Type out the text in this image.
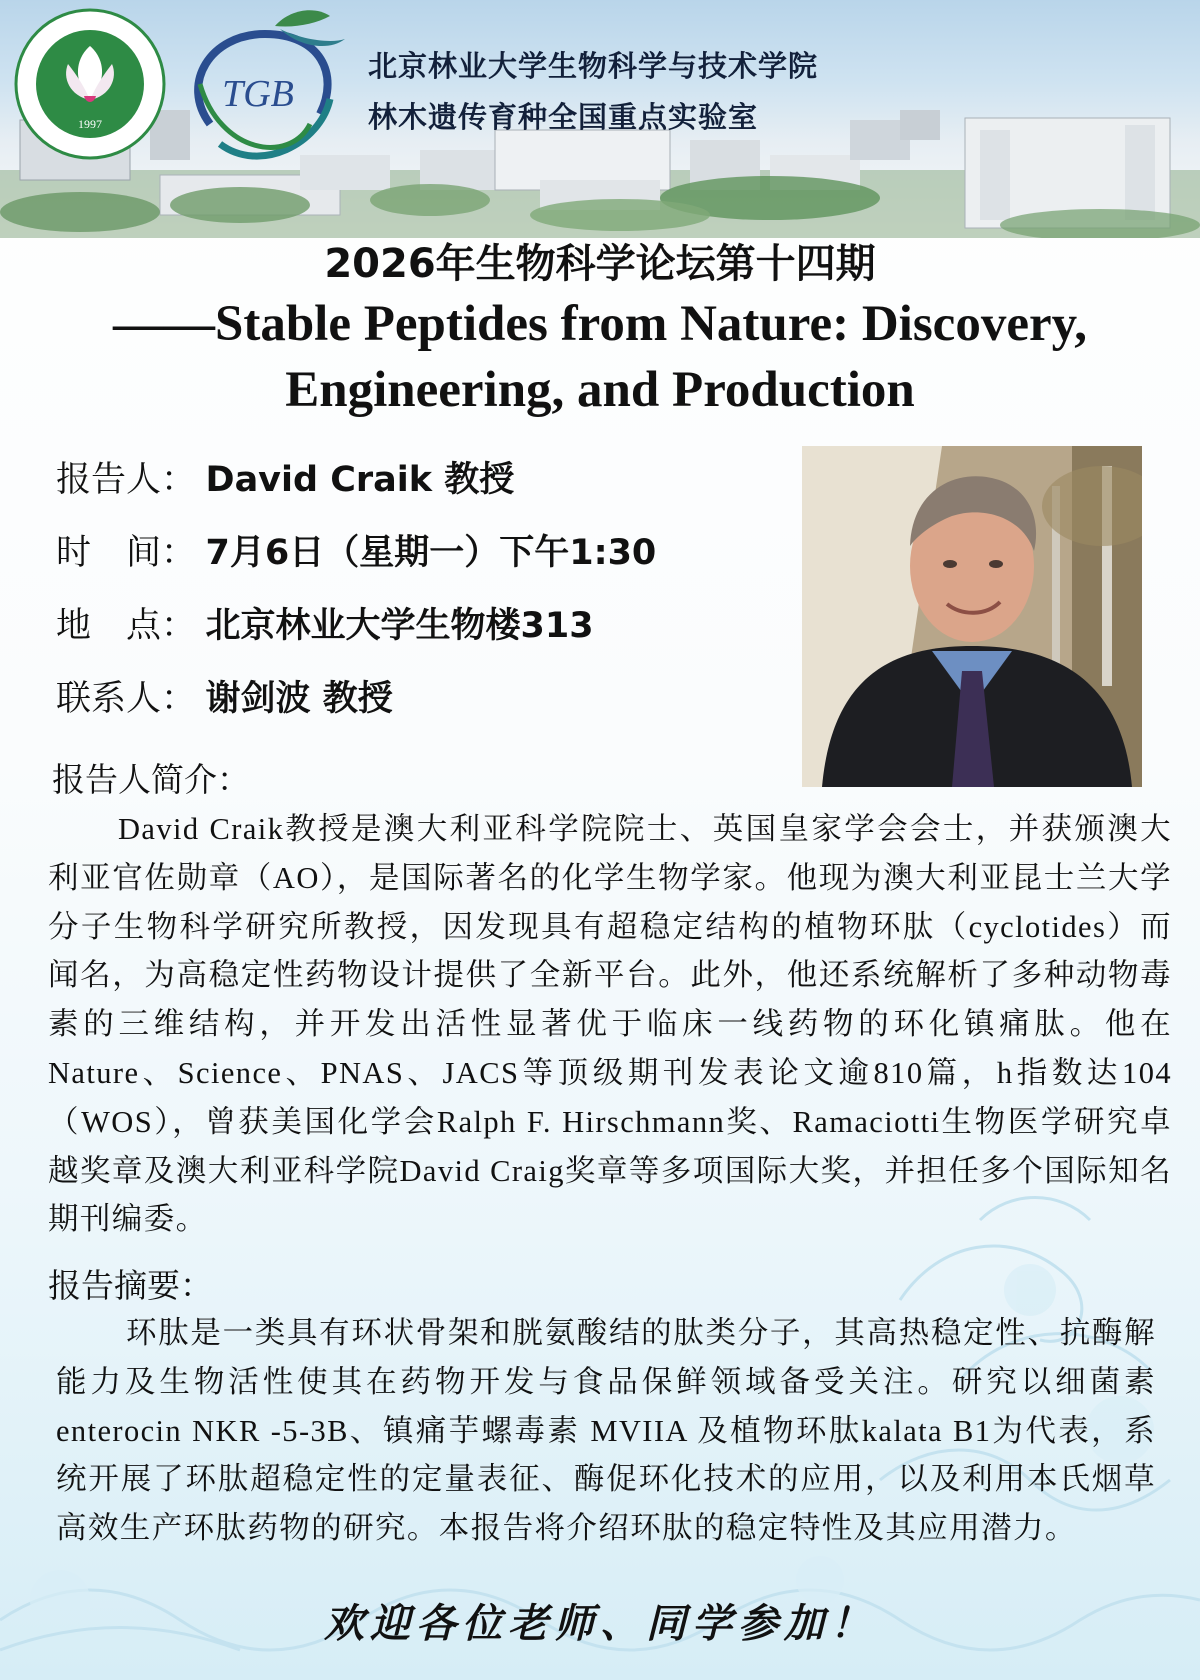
1997
TGB
北京林业大学生物科学与技术学院
林木遗传育种全国重点实验室
2026年生物科学论坛第十四期
——Stable Peptides from Nature: Discovery,
Engineering, and Production
报告人： David Craik 教授
时　间： 7月6日（星期一）下午1:30
地　点： 北京林业大学生物楼313
联系人： 谢剑波 教授
报告人简介：

David Craik教授是澳大利亚科学院院士、英国皇家学会会士，并获颁澳大利亚官佐勋章（AO），是国际著名的化学生物学家。他现为澳大利亚昆士兰大学分子生物科学研究所教授，因发现具有超稳定结构的植物环肽（cyclotides）而闻名，为高稳定性药物设计提供了全新平台。此外，他还系统解析了多种动物毒素的三维结构，并开发出活性显著优于临床一线药物的环化镇痛肽。他在Nature、Science、PNAS、JACS等顶级期刊发表论文逾810篇，h指数达104（WOS），曾获美国化学会Ralph F. Hirschmann奖、Ramaciotti生物医学研究卓越奖章及澳大利亚科学院David Craig奖章等多项国际大奖，并担任多个国际知名期刊编委。

报告摘要：

环肽是一类具有环状骨架和胱氨酸结的肽类分子，其高热稳定性、抗酶解能力及生物活性使其在药物开发与食品保鲜领域备受关注。研究以细菌素enterocin NKR -5-3B、镇痛芋螺毒素 MVIIA 及植物环肽kalata B1为代表，系统开展了环肽超稳定性的定量表征、酶促环化技术的应用，以及利用本氏烟草高效生产环肽药物的研究。本报告将介绍环肽的稳定特性及其应用潜力。

欢迎各位老师、同学参加！
